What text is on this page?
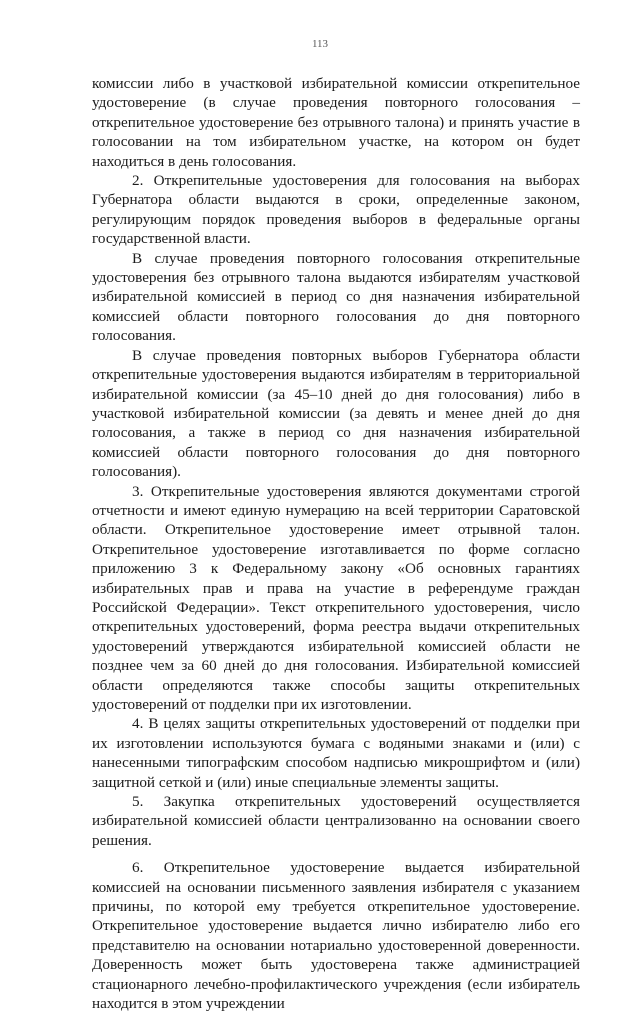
113

комиссии либо в участковой избирательной комиссии открепительное удостоверение (в случае проведения повторного голосования – открепительное удостоверение без отрывного талона) и принять участие в голосовании на том избирательном участке, на котором он будет находиться в день голосования.

2. Открепительные удостоверения для голосования на выборах Губернатора области выдаются в сроки, определенные законом, регулирующим порядок проведения выборов в федеральные органы государственной власти.

В случае проведения повторного голосования открепительные удостоверения без отрывного талона выдаются избирателям участковой избирательной комиссией в период со дня назначения избирательной комиссией области повторного голосования до дня повторного голосования.

В случае проведения повторных выборов Губернатора области открепительные удостоверения выдаются избирателям в территориальной избирательной комиссии (за 45–10 дней до дня голосования) либо в участковой избирательной комиссии (за девять и менее дней до дня голосования, а также в период со дня назначения избирательной комиссией области повторного голосования до дня повторного голосования).

3. Открепительные удостоверения являются документами строгой отчетности и имеют единую нумерацию на всей территории Саратовской области. Открепительное удостоверение имеет отрывной талон. Открепительное удостоверение изготавливается по форме согласно приложению 3 к Федеральному закону «Об основных гарантиях избирательных прав и права на участие в референдуме граждан Российской Федерации». Текст открепительного удостоверения, число открепительных удостоверений, форма реестра выдачи открепительных удостоверений утверждаются избирательной комиссией области не позднее чем за 60 дней до дня голосования. Избирательной комиссией области определяются также способы защиты открепительных удостоверений от подделки при их изготовлении.

4. В целях защиты открепительных удостоверений от подделки при их изготовлении используются бумага с водяными знаками и (или) с нанесенными типографским способом надписью микрошрифтом и (или) защитной сеткой и (или) иные специальные элементы защиты.

5. Закупка открепительных удостоверений осуществляется избирательной комиссией области централизованно на основании своего решения.

6. Открепительное удостоверение выдается избирательной комиссией на основании письменного заявления избирателя с указанием причины, по которой ему требуется открепительное удостоверение. Открепительное удостоверение выдается лично избирателю либо его представителю на основании нотариально удостоверенной доверенности. Доверенность может быть удостоверена также администрацией стационарного лечебно-профилактического учреждения (если избиратель находится в этом учреждении
